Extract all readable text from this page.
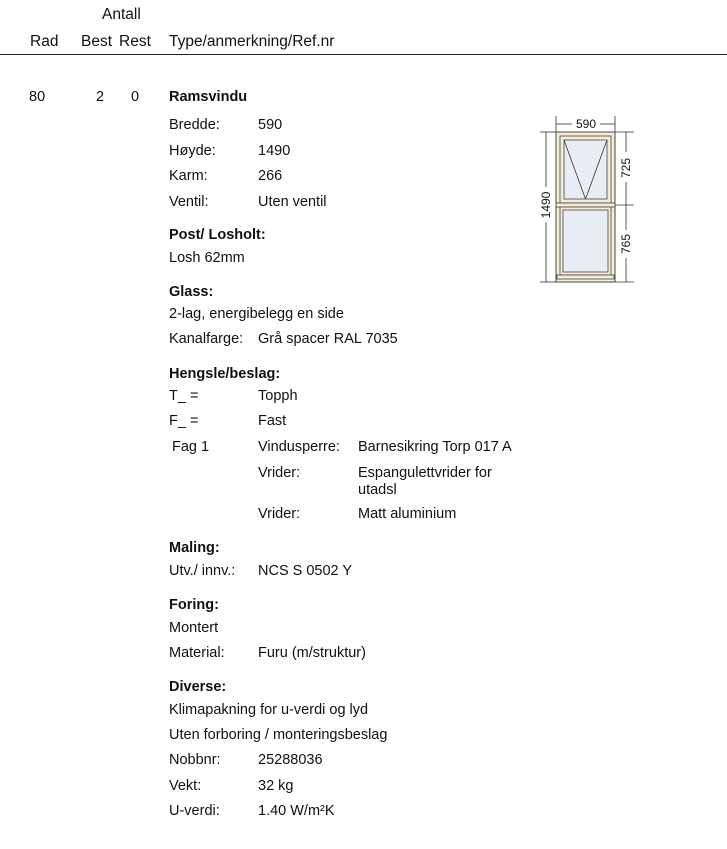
Antall
Rad Best Rest Type/anmerkning/Ref.nr
80	2 0 Ramsvindu
Bredde:	590
Høyde:	1490
Karm:	266
Ventil:	Uten ventil
Post/ Losholt:
Losh 62mm
Glass:
2-lag, energibelegg en side
Kanalfarge: Grå spacer RAL 7035
Hengsle/beslag:
T_ =	Topph
F_ =	Fast
Fag 1	Vindusperre: Barnesikring Torp 017 A
Vrider:	Espangulettvrider for
utadsl
Vrider:	Matt aluminium
Maling:
Utv./ innv.: NCS S 0502 Y
Foring:
Montert
Material: Furu (m/struktur)
Diverse:
Klimapakning for u-verdi og lyd
Uten forboring / monteringsbeslag
Nobbnr:	25288036
Vekt:	32 kg
U-verdi:	1.40 W/m²K
590
1490
725
765
